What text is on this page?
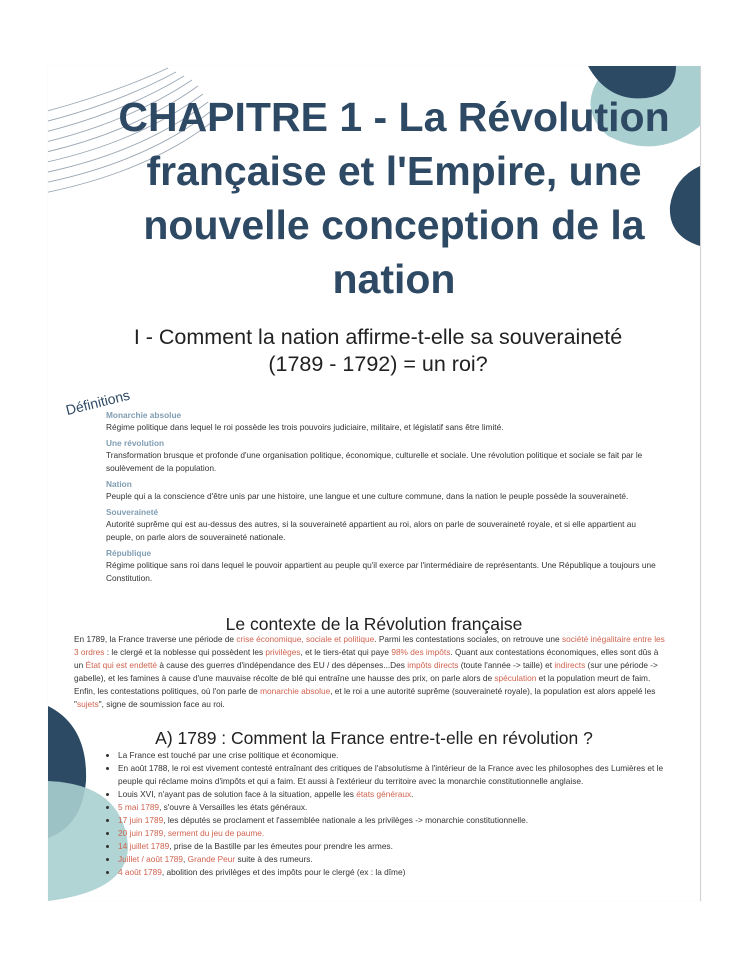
CHAPITRE 1 - La Révolution française et l'Empire, une nouvelle conception de la nation
I - Comment la nation affirme-t-elle sa souveraineté
(1789 - 1792) = un roi?
Définitions

Monarchie absolue

Régime politique dans lequel le roi possède les trois pouvoirs judiciaire, militaire, et législatif sans être limité.

Une révolution

Transformation brusque et profonde d'une organisation politique, économique, culturelle et sociale. Une révolution politique et sociale se fait par le soulèvement de la population.

Nation

Peuple qui a la conscience d'être unis par une histoire, une langue et une culture commune, dans la nation le peuple possède la souveraineté.

Souveraineté

Autorité suprême qui est au-dessus des autres, si la souveraineté appartient au roi, alors on parle de souveraineté royale, et si elle appartient au peuple, on parle alors de souveraineté nationale.

République

Régime politique sans roi dans lequel le pouvoir appartient au peuple qu'il exerce par l'intermédiaire de représentants. Une République a toujours une Constitution.

Le contexte de la Révolution française

En 1789, la France traverse une période de crise économique, sociale et politique. Parmi les contestations sociales, on retrouve une société inégalitaire entre les 3 ordres : le clergé et la noblesse qui possèdent les privilèges, et le tiers-état qui paye 98% des impôts. Quant aux contestations économiques, elles sont dûs à un État qui est endetté à cause des guerres d'indépendance des EU / des dépenses...Des impôts directs (toute l'année -> taille) et indirects (sur une période -> gabelle), et les famines à cause d'une mauvaise récolte de blé qui entraîne une hausse des prix, on parle alors de spéculation et la population meurt de faim. Enfin, les contestations politiques, où l'on parle de monarchie absolue, et le roi a une autorité suprême (souveraineté royale), la population est alors appelé les "sujets", signe de soumission face au roi.

A) 1789 : Comment la France entre-t-elle en révolution ?
• La France est touché par une crise politique et économique.
• En août 1788, le roi est vivement contesté entraînant des critiques de l'absolutisme à l'intérieur de la France avec les philosophes des Lumières et le peuple qui réclame moins d'impôts et qui a faim. Et aussi à l'extérieur du territoire avec la monarchie constitutionnelle anglaise.
• Louis XVI, n'ayant pas de solution face à la situation, appelle les états généraux.
• 5 mai 1789, s'ouvre à Versailles les états généraux.
• 17 juin 1789, les députés se proclament et l'assemblée nationale a les privilèges -> monarchie constitutionnelle.
• 20 juin 1789, serment du jeu de paume.
• 14 juillet 1789, prise de la Bastille par les émeutes pour prendre les armes.
• Juillet / août 1789, Grande Peur suite à des rumeurs.
• 4 août 1789, abolition des privilèges et des impôts pour le clergé (ex : la dîme)
